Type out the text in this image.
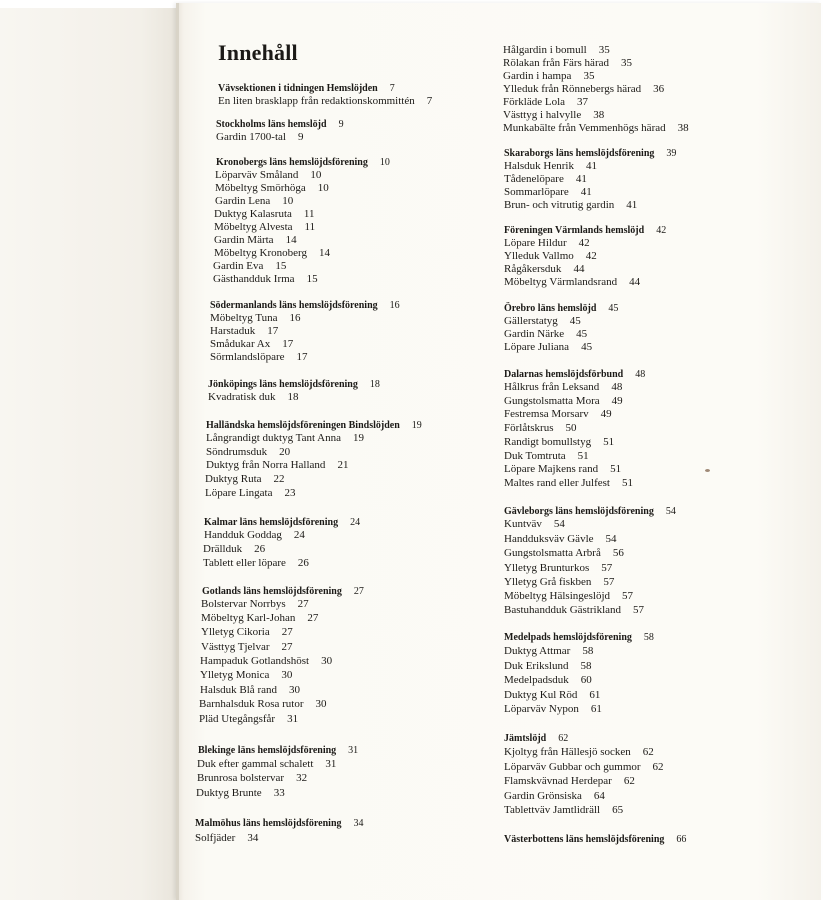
Innehåll
Vävsektionen i tidningen Hemslöjden 7
En liten brasklapp från redaktionskommittén 7
Stockholms läns hemslöjd 9
Gardin 1700-tal 9
Kronobergs läns hemslöjdsförening 10
Löparväv Småland 10
Möbeltyg Smörhöga 10
Gardin Lena 10
Duktyg Kalasruta 11
Möbeltyg Alvesta 11
Gardin Märta 14
Möbeltyg Kronoberg 14
Gardin Eva 15
Gästhandduk Irma 15
Södermanlands läns hemslöjdsförening 16
Möbeltyg Tuna 16
Harstaduk 17
Smådukar Ax 17
Sörmlandslöpare 17
Jönköpings läns hemslöjdsförening 18
Kvadratisk duk 18
Halländska hemslöjdsföreningen Bindslöjden 19
Långrandigt duktyg Tant Anna 19
Söndrumsduk 20
Duktyg från Norra Halland 21
Duktyg Ruta 22
Löpare Lingata 23
Kalmar läns hemslöjdsförening 24
Handduk Goddag 24
Drällduk 26
Tablett eller löpare 26
Gotlands läns hemslöjdsförening 27
Bolstervar Norrbys 27
Möbeltyg Karl-Johan 27
Ylletyg Cikoria 27
Västtyg Tjelvar 27
Hampaduk Gotlandshöst 30
Ylletyg Monica 30
Halsduk Blå rand 30
Barnhalsduk Rosa rutor 30
Pläd Utegångsfår 31
Blekinge läns hemslöjdsförening 31
Duk efter gammal schalett 31
Brunrosa bolstervar 32
Duktyg Brunte 33
Malmöhus läns hemslöjdsförening 34
Solfjäder 34
Hålgardin i bomull 35
Rölakan från Färs härad 35
Gardin i hampa 35
Ylleduk från Rönnebergs härad 36
Förkläde Lola 37
Västtyg i halvylle 38
Munkabälte från Vemmenhögs härad 38
Skaraborgs läns hemslöjdsförening 39
Halsduk Henrik 41
Tådenelöpare 41
Sommarlöpare 41
Brun- och vitrutig gardin 41
Föreningen Värmlands hemslöjd 42
Löpare Hildur 42
Ylleduk Vallmo 42
Rågåkersduk 44
Möbeltyg Värmlandsrand 44
Örebro läns hemslöjd 45
Gällerstatyg 45
Gardin Närke 45
Löpare Juliana 45
Dalarnas hemslöjdsförbund 48
Hålkrus från Leksand 48
Gungstolsmatta Mora 49
Festremsa Morsarv 49
Förlåtskrus 50
Randigt bomullstyg 51
Duk Tomtruta 51
Löpare Majkens rand 51
Maltes rand eller Julfest 51
Gävleborgs läns hemslöjdsförening 54
Kuntväv 54
Handduksväv Gävle 54
Gungstolsmatta Arbrå 56
Ylletyg Brunturkos 57
Ylletyg Grå fiskben 57
Möbeltyg Hälsingeslöjd 57
Bastuhandduk Gästrikland 57
Medelpads hemslöjdsförening 58
Duktyg Attmar 58
Duk Erikslund 58
Medelpadsduk 60
Duktyg Kul Röd 61
Löparväv Nypon 61
Jämtslöjd 62
Kjoltyg från Hällesjö socken 62
Löparväv Gubbar och gummor 62
Flamskvävnad Herdepar 62
Gardin Grönsiska 64
Tablettväv Jamtlidräll 65
Västerbottens läns hemslöjdsförening 66
